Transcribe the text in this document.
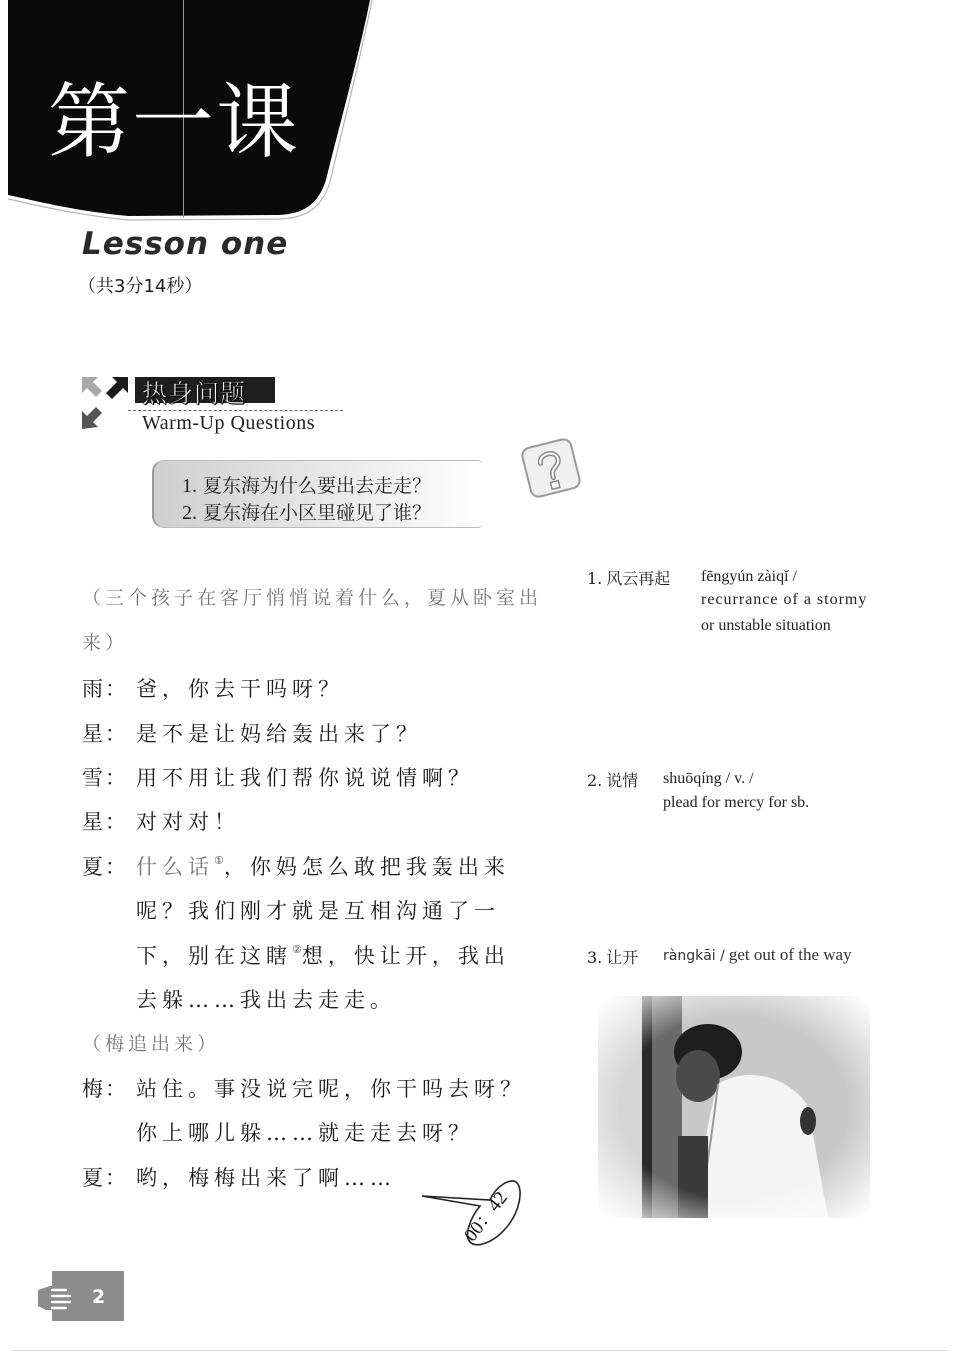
第一课
Lesson one
（共3分14秒）
热身问题
Warm-Up Questions
1. 夏东海为什么要出去走走？
2. 夏东海在小区里碰见了谁？
（三个孩子在客厅悄悄说着什么，夏从卧室出
来）
雨： 爸，你去干吗呀？
星： 是不是让妈给轰出来了？
雪： 用不用让我们帮你说说情啊？
星： 对对对！
夏： 什么话①，你妈怎么敢把我轰出来
呢？我们刚才就是互相沟通了一
下，别在这瞎②想，快让开，我出
去躲……我出去走走。
（梅追出来）
梅： 站住。事没说完呢，你干吗去呀？
你上哪儿躲……就走走去呀？
夏： 哟，梅梅出来了啊……
00：42
1. 风云再起 fēngyún zàiqǐ /
recurrance of a stormy
or unstable situation
2. 说情 shuōqíng / v. /
plead for mercy for sb.
3. 让开 ràngkāi / get out of the way
2
